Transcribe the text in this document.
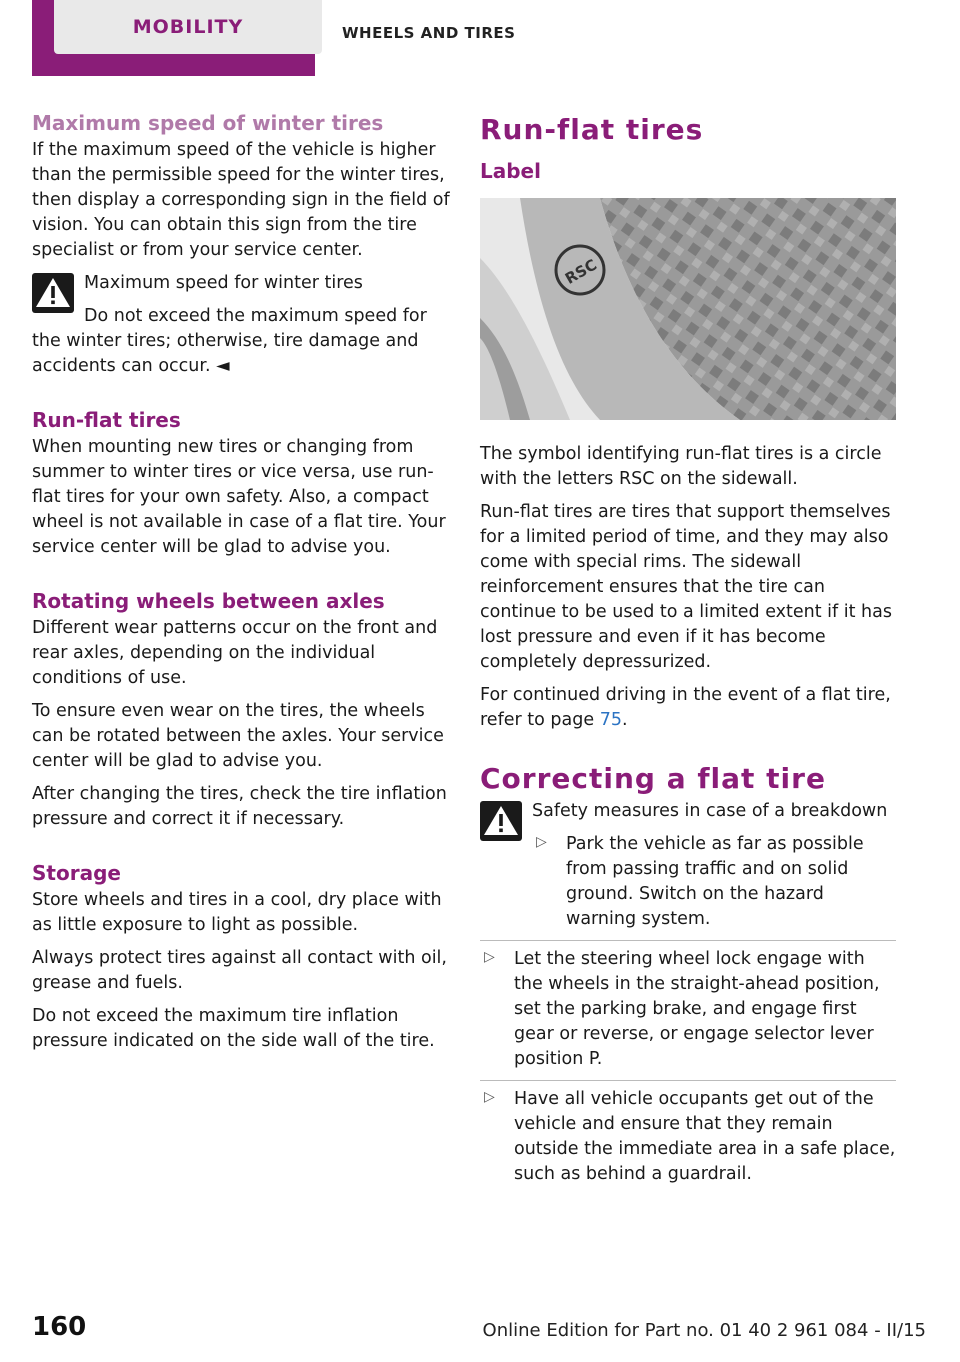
MOBILITY	WHEELS AND TIRES
Maximum speed of winter tires

If the maximum speed of the vehicle is higher than the permissible speed for the winter tires, then display a corresponding sign in the field of vision. You can obtain this sign from the tire specialist or from your service center.

Maximum speed for winter tires

Do not exceed the maximum speed for

the winter tires; otherwise, tire damage and accidents can occur. ◄

Run-flat tires

When mounting new tires or changing from summer to winter tires or vice versa, use run-flat tires for your own safety. Also, a compact wheel is not available in case of a flat tire. Your service center will be glad to advise you.

Rotating wheels between axles

Different wear patterns occur on the front and rear axles, depending on the individual conditions of use.

To ensure even wear on the tires, the wheels can be rotated between the axles. Your service center will be glad to advise you.

After changing the tires, check the tire inflation pressure and correct it if necessary.

Storage

Store wheels and tires in a cool, dry place with as little exposure to light as possible.

Always protect tires against all contact with oil, grease and fuels.

Do not exceed the maximum tire inflation pressure indicated on the side wall of the tire.

Run-flat tires
Label
RSC

The symbol identifying run-flat tires is a circle with the letters RSC on the sidewall.

Run-flat tires are tires that support themselves for a limited period of time, and they may also come with special rims. The sidewall reinforcement ensures that the tire can continue to be used to a limited extent if it has lost pressure and even if it has become completely depressurized.

For continued driving in the event of a flat tire, refer to page 75.

Correcting a flat tire

Safety measures in case of a breakdown

▷ Park the vehicle as far as possible from passing traffic and on solid ground. Switch on the hazard warning system.

▷ Let the steering wheel lock engage with the wheels in the straight-ahead position, set the parking brake, and engage first gear or reverse, or engage selector lever position P.

▷ Have all vehicle occupants get out of the vehicle and ensure that they remain outside the immediate area in a safe place, such as behind a guardrail.

160	Online Edition for Part no. 01 40 2 961 084 - II/15
